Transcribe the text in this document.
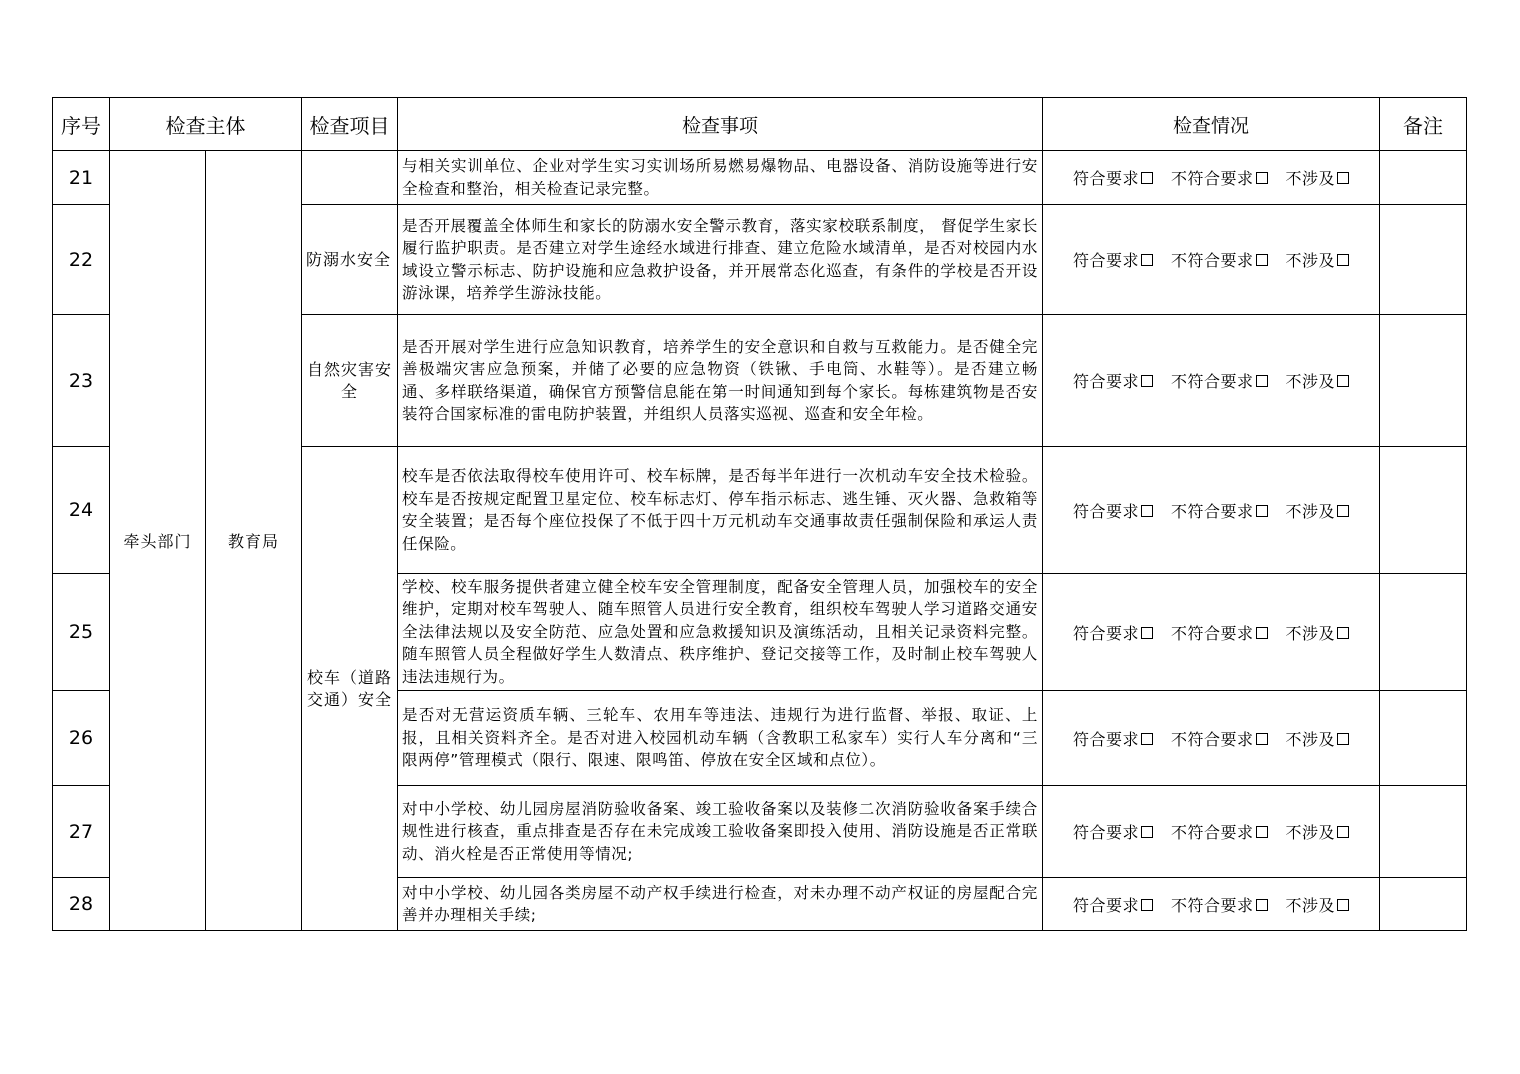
序号	检查主体		检查项目	检查事项	检查情况	备注
21	牵头部门	教育局		与相关实训单位、企业对学生实习实训场所易燃易爆物品、电器设备、消防设施等进行安全检查和整治，相关检查记录完整。	符合要求 不符合要求 不涉及	
22			防溺水安全	是否开展覆盖全体师生和家长的防溺水安全警示教育，落实家校联系制度， 督促学生家长履行监护职责。是否建立对学生途经水域进行排查、建立危险水域清单，是否对校园内水域设立警示标志、防护设施和应急救护设备，并开展常态化巡查，有条件的学校是否开设游泳课，培养学生游泳技能。	符合要求 不符合要求 不涉及	
23			自然灾害安全	是否开展对学生进行应急知识教育，培养学生的安全意识和自救与互救能力。是否健全完善极端灾害应急预案，并储了必要的应急物资（铁锹、手电筒、水鞋等）。是否建立畅通、多样联络渠道，确保官方预警信息能在第一时间通知到每个家长。每栋建筑物是否安装符合国家标准的雷电防护装置，并组织人员落实巡视、巡查和安全年检。	符合要求 不符合要求 不涉及	
24			校车（道路交通）安全	校车是否依法取得校车使用许可、校车标牌，是否每半年进行一次机动车安全技术检验。校车是否按规定配置卫星定位、校车标志灯、停车指示标志、逃生锤、灭火器、急救箱等安全装置；是否每个座位投保了不低于四十万元机动车交通事故责任强制保险和承运人责任保险。	符合要求 不符合要求 不涉及	
25				学校、校车服务提供者建立健全校车安全管理制度，配备安全管理人员，加强校车的安全维护，定期对校车驾驶人、随车照管人员进行安全教育，组织校车驾驶人学习道路交通安全法律法规以及安全防范、应急处置和应急救援知识及演练活动，且相关记录资料完整。随车照管人员全程做好学生人数清点、秩序维护、登记交接等工作，及时制止校车驾驶人违法违规行为。	符合要求 不符合要求 不涉及	
26				是否对无营运资质车辆、三轮车、农用车等违法、违规行为进行监督、举报、取证、上报，且相关资料齐全。是否对进入校园机动车辆（含教职工私家车）实行人车分离和“三限两停”管理模式（限行、限速、限鸣笛、停放在安全区域和点位）。	符合要求 不符合要求 不涉及	
27				对中小学校、幼儿园房屋消防验收备案、竣工验收备案以及装修二次消防验收备案手续合规性进行核查，重点排查是否存在未完成竣工验收备案即投入使用、消防设施是否正常联动、消火栓是否正常使用等情况;	符合要求 不符合要求 不涉及	
28				对中小学校、幼儿园各类房屋不动产权手续进行检查，对未办理不动产权证的房屋配合完善并办理相关手续;	符合要求 不符合要求 不涉及	
